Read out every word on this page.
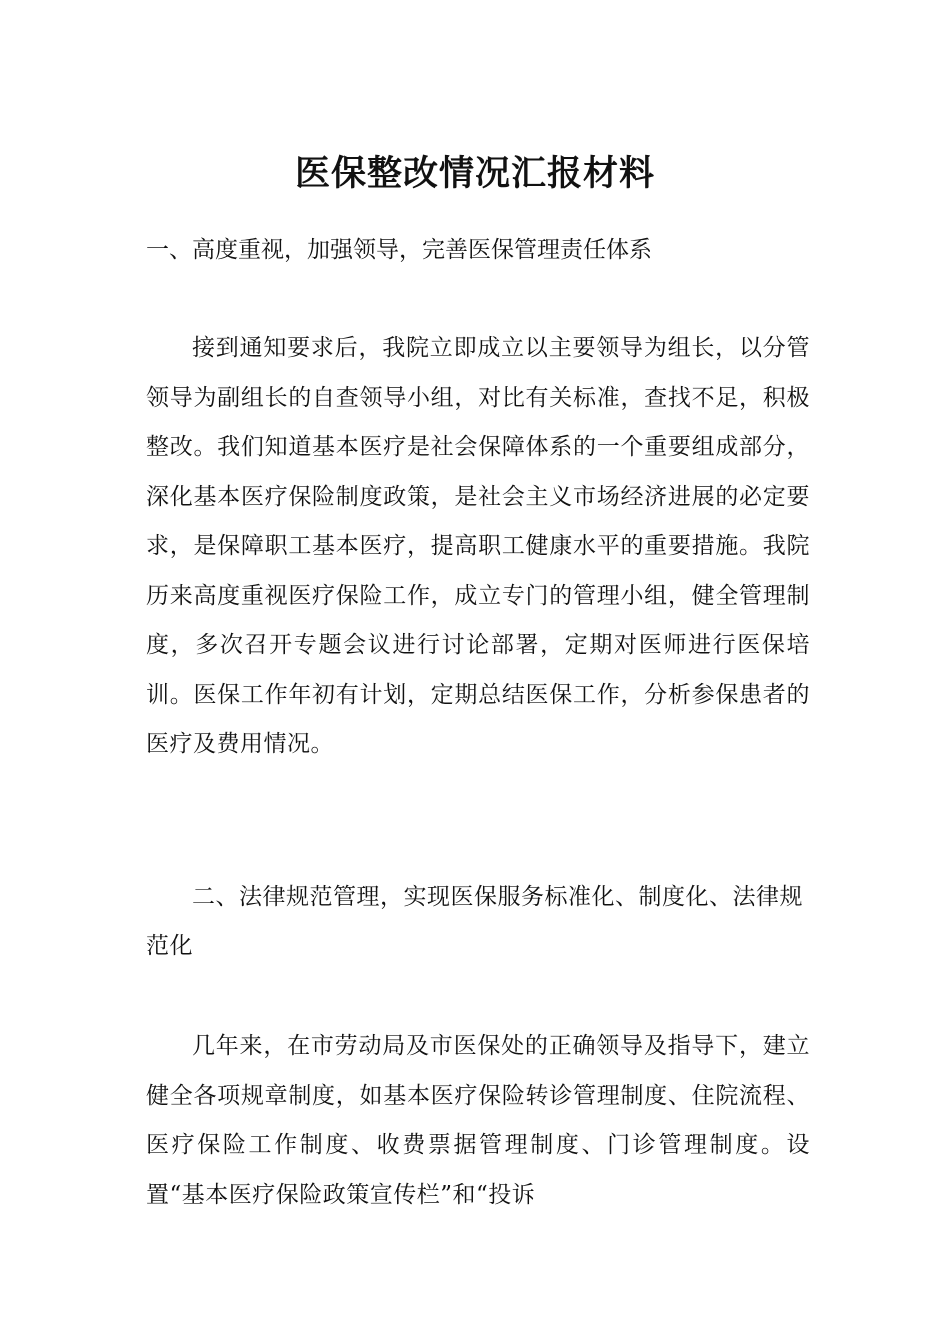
医保整改情况汇报材料

一、高度重视，加强领导，完善医保管理责任体系

接到通知要求后，我院立即成立以主要领导为组长，以分管领导为副组长的自查领导小组，对比有关标准，查找不足，积极整改。我们知道基本医疗是社会保障体系的一个重要组成部分，深化基本医疗保险制度政策，是社会主义市场经济进展的必定要求，是保障职工基本医疗，提高职工健康水平的重要措施。我院历来高度重视医疗保险工作，成立专门的管理小组，健全管理制度，多次召开专题会议进行讨论部署，定期对医师进行医保培训。医保工作年初有计划，定期总结医保工作，分析参保患者的医疗及费用情况。

二、法律规范管理，实现医保服务标准化、制度化、法律规范化

几年来，在市劳动局及市医保处的正确领导及指导下，建立健全各项规章制度，如基本医疗保险转诊管理制度、住院流程、医疗保险工作制度、收费票据管理制度、门诊管理制度。设置“基本医疗保险政策宣传栏”和“投诉
